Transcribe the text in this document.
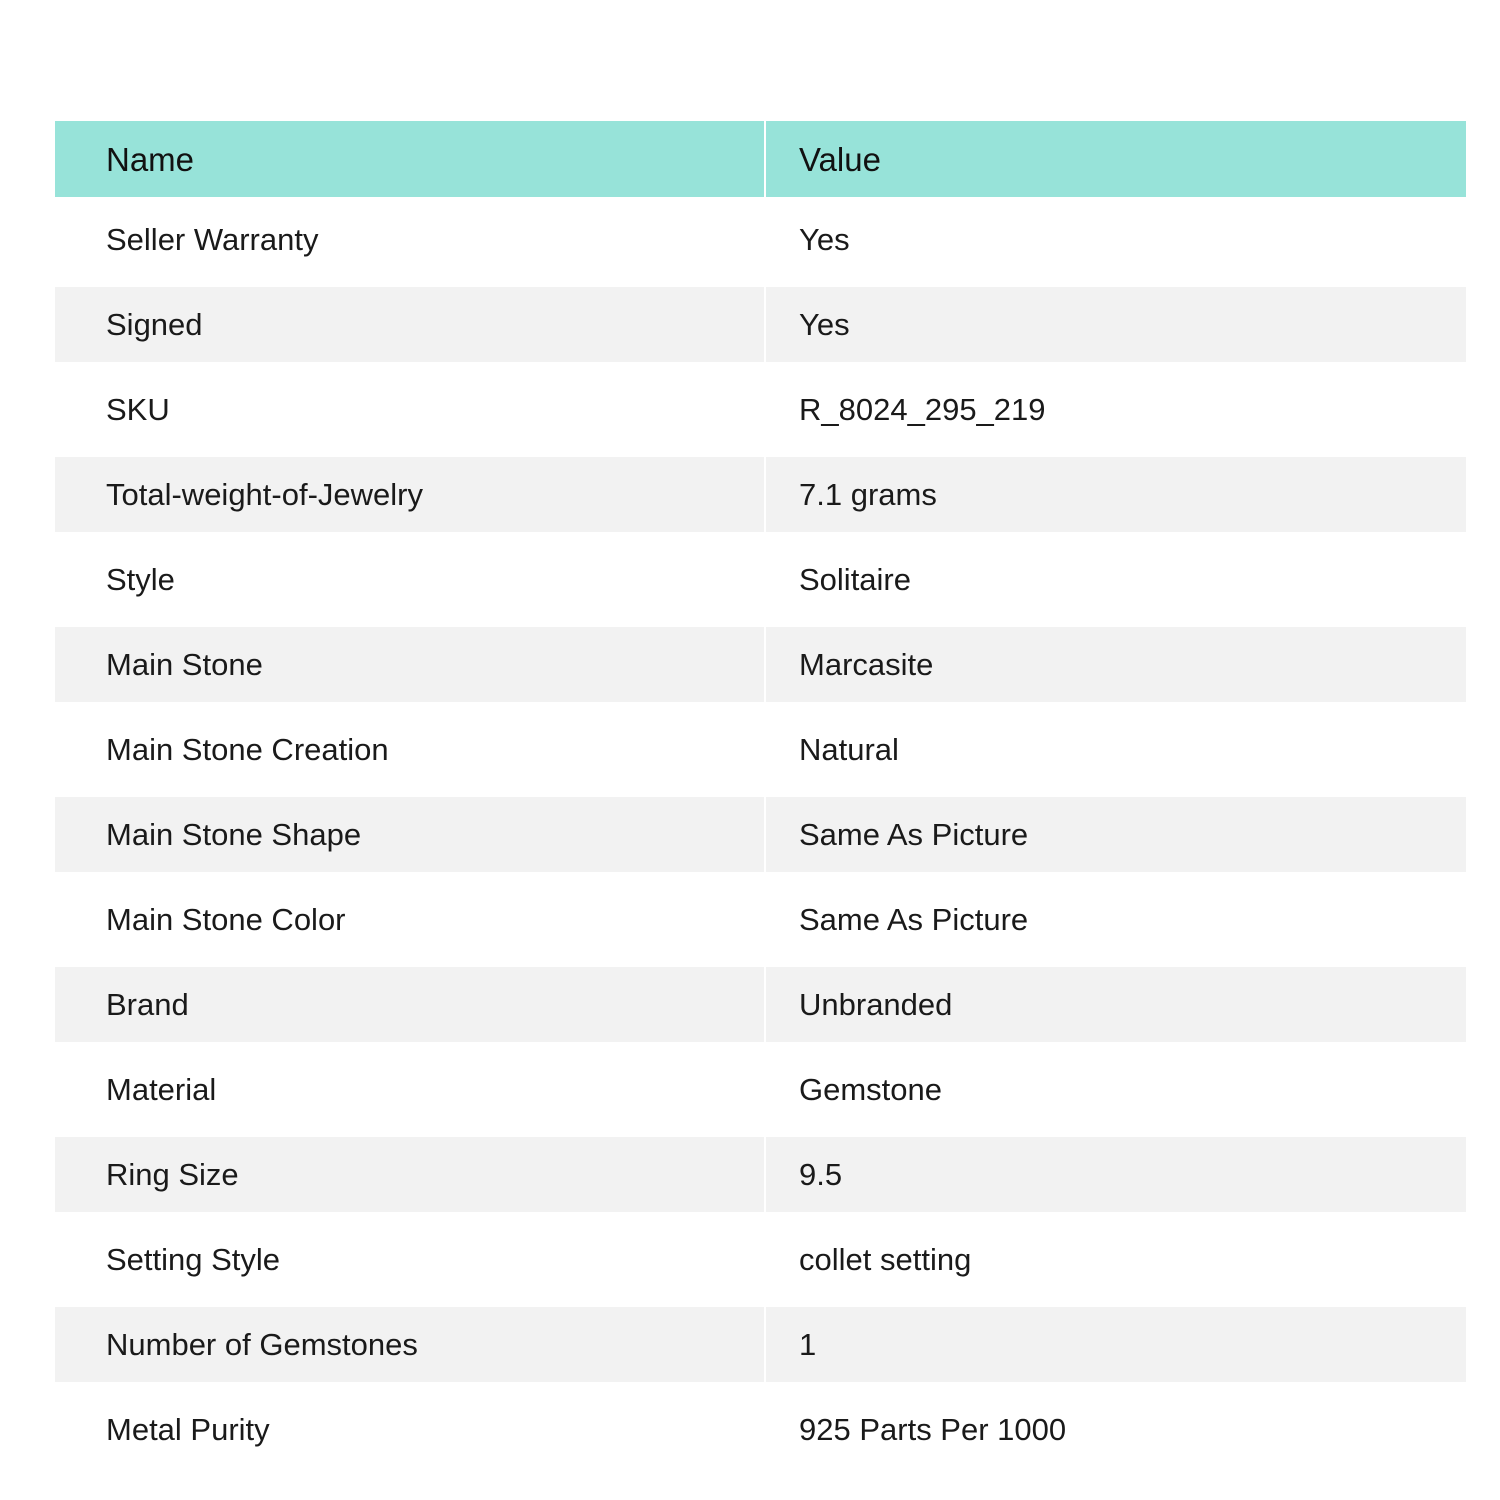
Name	Value
Seller Warranty	Yes
Signed	Yes
SKU	R_8024_295_219
Total-weight-of-Jewelry	7.1 grams
Style	Solitaire
Main Stone	Marcasite
Main Stone Creation	Natural
Main Stone Shape	Same As Picture
Main Stone Color	Same As Picture
Brand	Unbranded
Material	Gemstone
Ring Size	9.5
Setting Style	collet setting
Number of Gemstones	1
Metal Purity	925 Parts Per 1000
